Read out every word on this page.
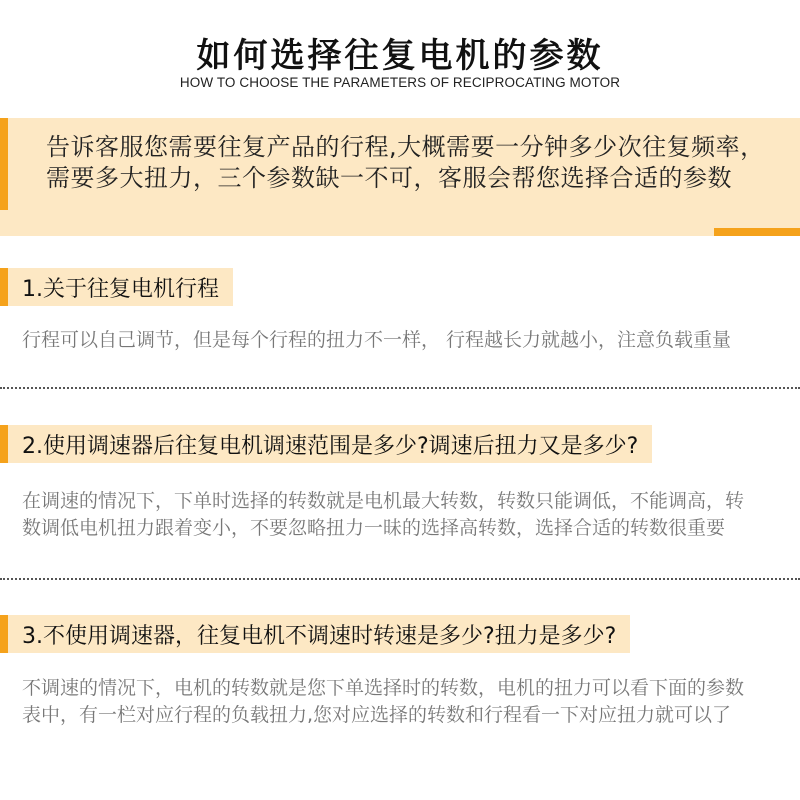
如何选择往复电机的参数
HOW TO CHOOSE THE PARAMETERS OF RECIPROCATING MOTOR
告诉客服您需要往复产品的行程,大概需要一分钟多少次往复频率，需要多大扭力，三个参数缺一不可，客服会帮您选择合适的参数
1.关于往复电机行程
行程可以自己调节，但是每个行程的扭力不一样， 行程越长力就越小，注意负载重量
2.使用调速器后往复电机调速范围是多少?调速后扭力又是多少?
在调速的情况下，下单时选择的转数就是电机最大转数，转数只能调低，不能调高，转数调低电机扭力跟着变小，不要忽略扭力一昧的选择高转数，选择合适的转数很重要
3.不使用调速器，往复电机不调速时转速是多少?扭力是多少?
不调速的情况下，电机的转数就是您下单选择时的转数，电机的扭力可以看下面的参数表中，有一栏对应行程的负载扭力,您对应选择的转数和行程看一下对应扭力就可以了
